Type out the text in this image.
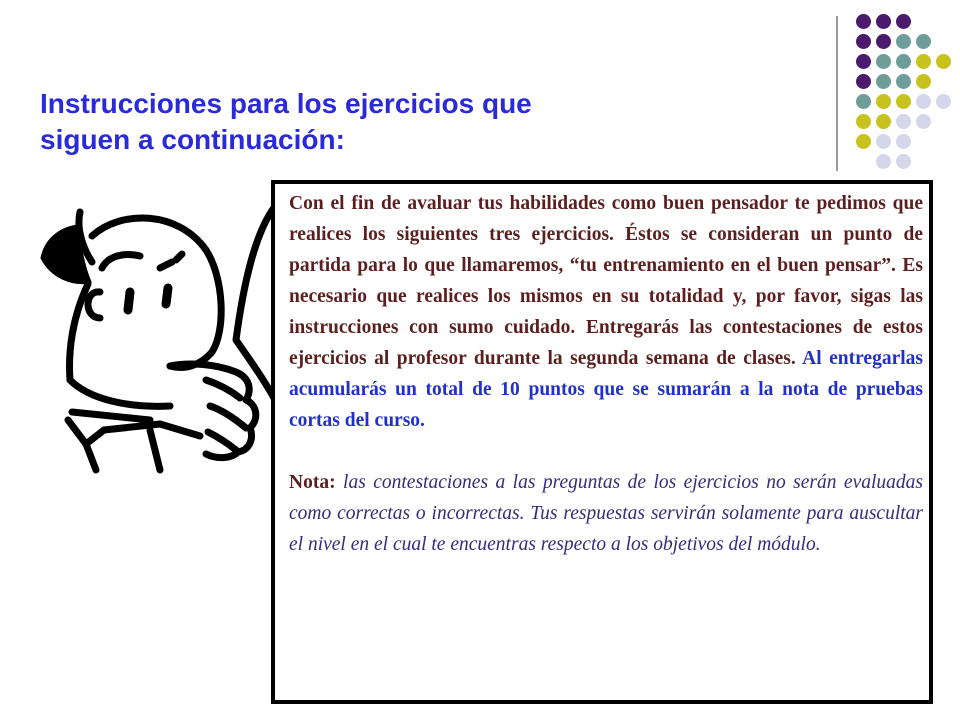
Instrucciones para los ejercicios que
siguen a continuación:

Con el fin de avaluar tus habilidades como buen pensador te pedimos que realices los siguientes tres ejercicios. Éstos se consideran un punto de partida para lo que llamaremos, “tu entrenamiento en el buen pensar”. Es necesario que realices los mismos en su totalidad y, por favor, sigas las instrucciones con sumo cuidado. Entregarás las contestaciones de estos ejercicios al profesor durante la segunda semana de clases. Al entregarlas acumularás un total de 10 puntos que se sumarán a la nota de pruebas cortas del curso.

Nota: las contestaciones a las preguntas de los ejercicios no serán evaluadas como correctas o incorrectas. Tus respuestas servirán solamente para auscultar el nivel en el cual te encuentras respecto a los objetivos del módulo.
